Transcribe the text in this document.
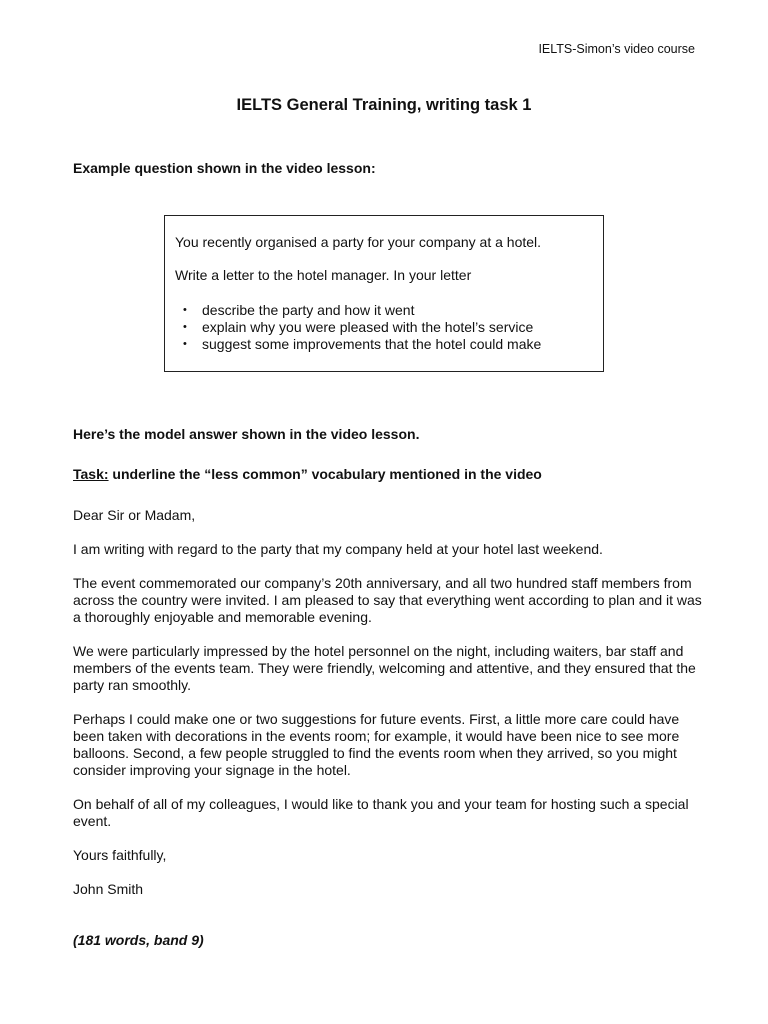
IELTS-Simon’s video course
IELTS General Training, writing task 1
Example question shown in the video lesson:
You recently organised a party for your company at a hotel.
Write a letter to the hotel manager. In your letter
• describe the party and how it went
• explain why you were pleased with the hotel’s service
• suggest some improvements that the hotel could make
Here’s the model answer shown in the video lesson.
Task: underline the “less common” vocabulary mentioned in the video

Dear Sir or Madam,

I am writing with regard to the party that my company held at your hotel last weekend.

The event commemorated our company’s 20th anniversary, and all two hundred staff members from across the country were invited. I am pleased to say that everything went according to plan and it was a thoroughly enjoyable and memorable evening.

We were particularly impressed by the hotel personnel on the night, including waiters, bar staff and members of the events team. They were friendly, welcoming and attentive, and they ensured that the party ran smoothly.

Perhaps I could make one or two suggestions for future events. First, a little more care could have been taken with decorations in the events room; for example, it would have been nice to see more balloons. Second, a few people struggled to find the events room when they arrived, so you might consider improving your signage in the hotel.

On behalf of all of my colleagues, I would like to thank you and your team for hosting such a special event.

Yours faithfully,

John Smith

(181 words, band 9)
